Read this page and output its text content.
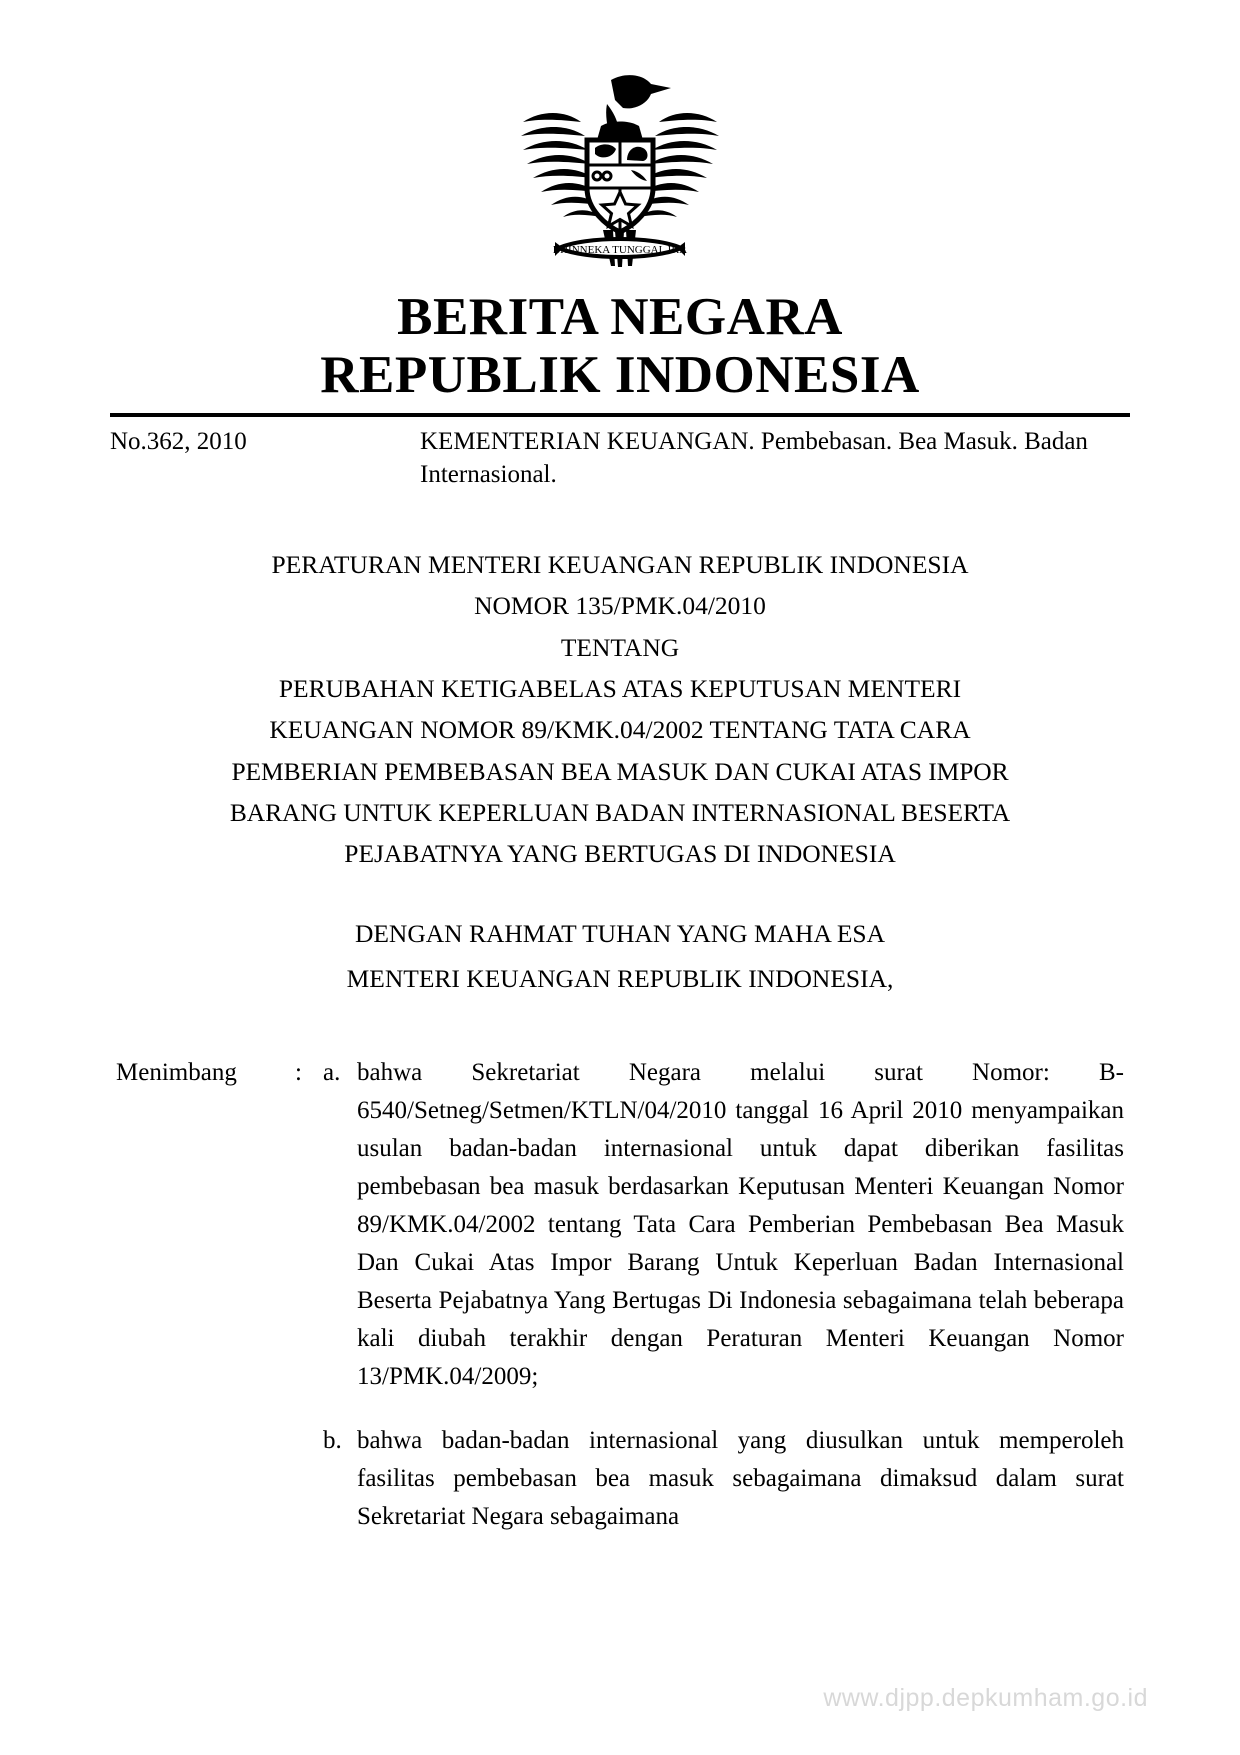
BHINNEKA TUNGGAL IKA
BERITA NEGARA
REPUBLIK INDONESIA
No.362, 2010	KEMENTERIAN KEUANGAN. Pembebasan. Bea Masuk. Badan Internasional.
PERATURAN MENTERI KEUANGAN REPUBLIK INDONESIA
NOMOR 135/PMK.04/2010
TENTANG
PERUBAHAN KETIGABELAS ATAS KEPUTUSAN MENTERI
KEUANGAN NOMOR 89/KMK.04/2002 TENTANG TATA CARA
PEMBERIAN PEMBEBASAN BEA MASUK DAN CUKAI ATAS IMPOR
BARANG UNTUK KEPERLUAN BADAN INTERNASIONAL BESERTA
PEJABATNYA YANG BERTUGAS DI INDONESIA
DENGAN RAHMAT TUHAN YANG MAHA ESA
MENTERI KEUANGAN REPUBLIK INDONESIA,
Menimbang	: a. bahwa Sekretariat Negara melalui surat Nomor: B-6540/Setneg/Setmen/KTLN/04/2010 tanggal 16 April 2010 menyampaikan usulan badan-badan internasional untuk dapat diberikan fasilitas pembebasan bea masuk berdasarkan Keputusan Menteri Keuangan Nomor 89/KMK.04/2002 tentang Tata Cara Pemberian Pembebasan Bea Masuk Dan Cukai Atas Impor Barang Untuk Keperluan Badan Internasional Beserta Pejabatnya Yang Bertugas Di Indonesia sebagaimana telah beberapa kali diubah terakhir dengan Peraturan Menteri Keuangan Nomor 13/PMK.04/2009;
b. bahwa badan-badan internasional yang diusulkan untuk memperoleh fasilitas pembebasan bea masuk sebagaimana dimaksud dalam surat Sekretariat Negara sebagaimana
www.djpp.depkumham.go.id
